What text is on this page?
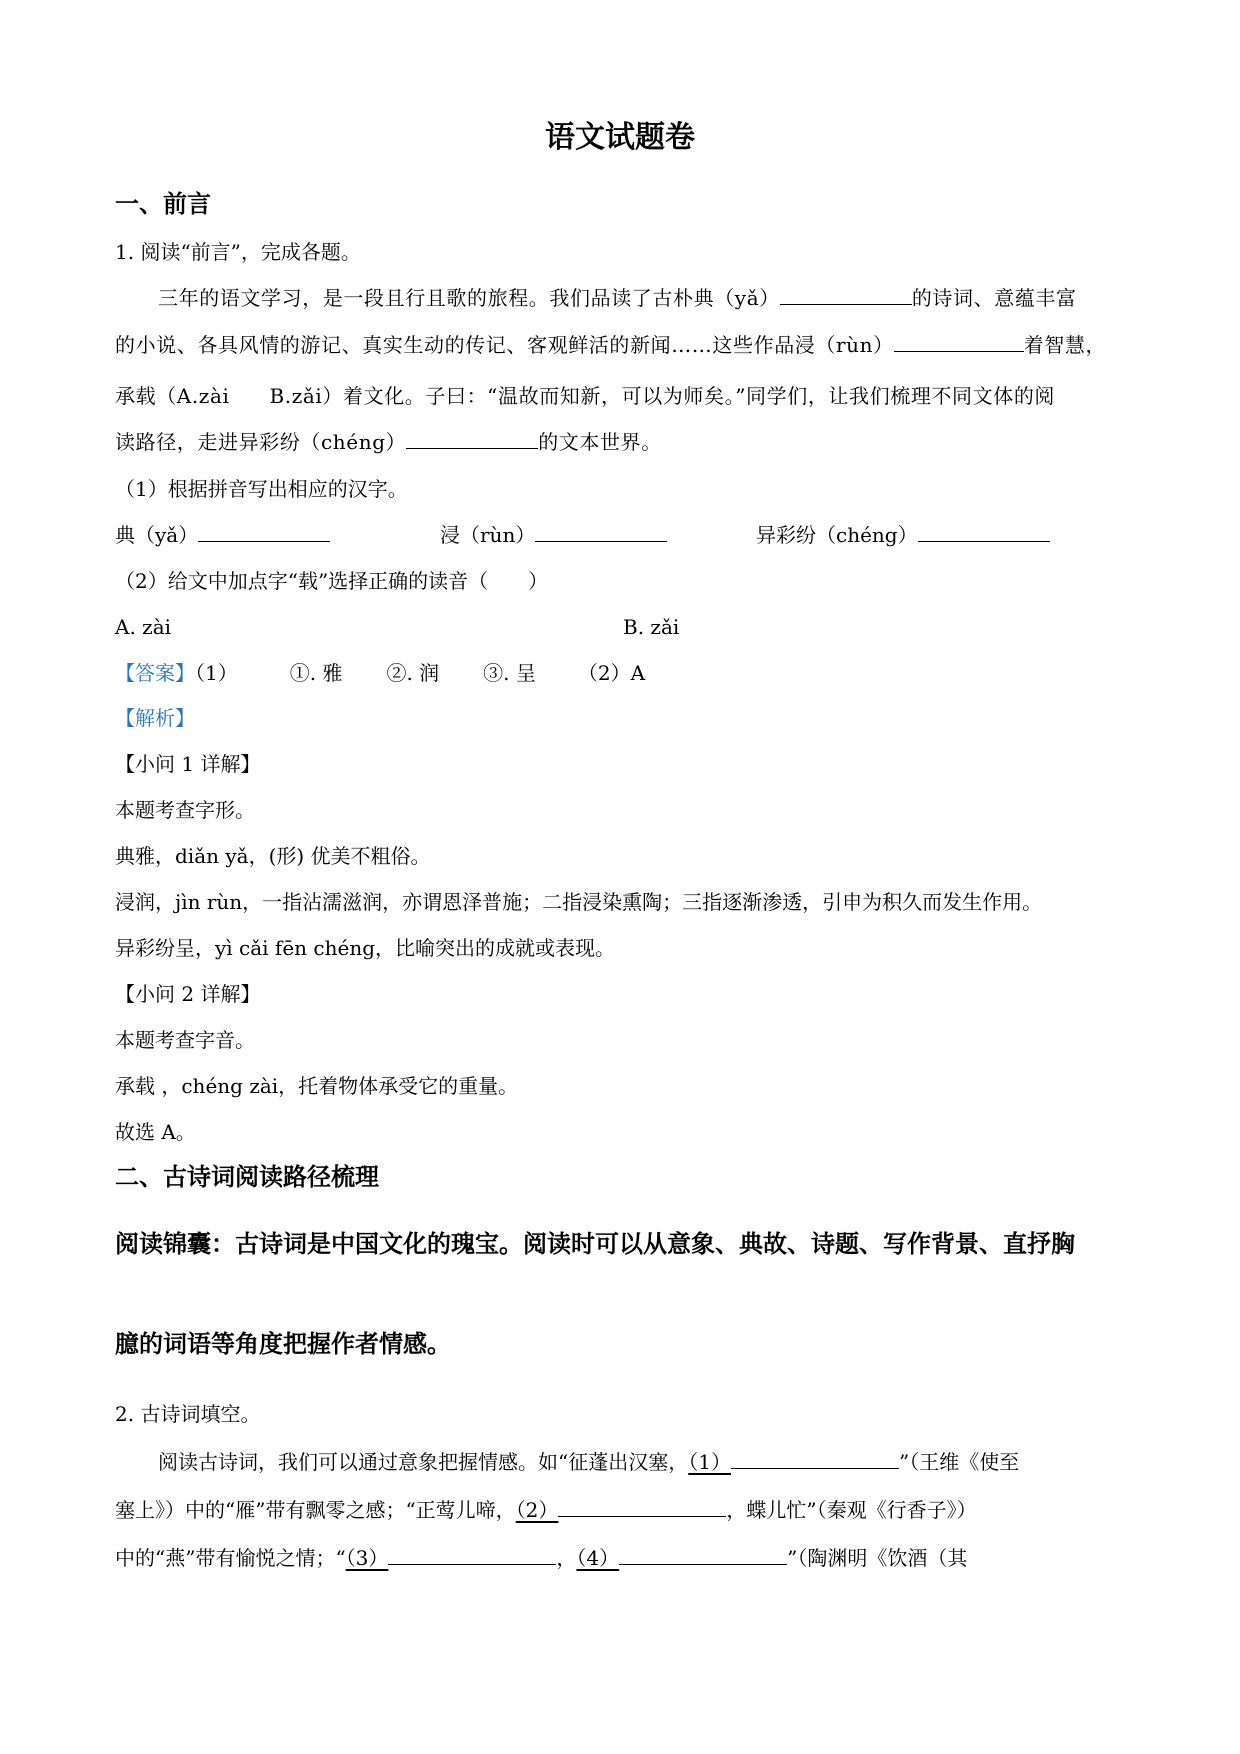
语文试题卷
一、前言
1. 阅读“前言”，完成各题。
三年的语文学习，是一段且行且歌的旅程。我们品读了古朴典（yǎ）	的诗词、意蕴丰富
的小说、各具风情的游记、真实生动的传记、客观鲜活的新闻……这些作品浸（rùn）	着智慧，
承载（A.zài B.zǎi）着文化。子曰：“温故而知新，可以为师矣。”同学们，让我们梳理不同文体的阅
读路径，走进异彩纷（chéng）	的文本世界。
（1）根据拼音写出相应的汉字。
典（yǎ）	浸（rùn）	异彩纷（chéng）
（2）给文中加点字“载”选择正确的读音（　　）
A. zài	B. zǎi
【答案】（1）	①. 雅 ②. 润 ③. 呈 （2）A
【解析】
【小问 1 详解】
本题考查字形。
典雅，diǎn yǎ，(形) 优美不粗俗。
浸润，jìn rùn，一指沾濡滋润，亦谓恩泽普施；二指浸染熏陶；三指逐渐渗透，引申为积久而发生作用。
异彩纷呈，yì cǎi fēn chéng，比喻突出的成就或表现。
【小问 2 详解】
本题考查字音。
承载 ，chéng zài，托着物体承受它的重量。
故选 A。
二、古诗词阅读路径梳理
阅读锦囊：古诗词是中国文化的瑰宝。阅读时可以从意象、典故、诗题、写作背景、直抒胸
臆的词语等角度把握作者情感。
2. 古诗词填空。
阅读古诗词，我们可以通过意象把握情感。如“征蓬出汉塞，（1）	”（王维《使至
塞上》）中的“雁”带有飘零之感；“正莺儿啼，（2）	，蝶儿忙”（秦观《行香子》）
中的“燕”带有愉悦之情；“（3）	，（4）	”（陶渊明《饮酒（其
